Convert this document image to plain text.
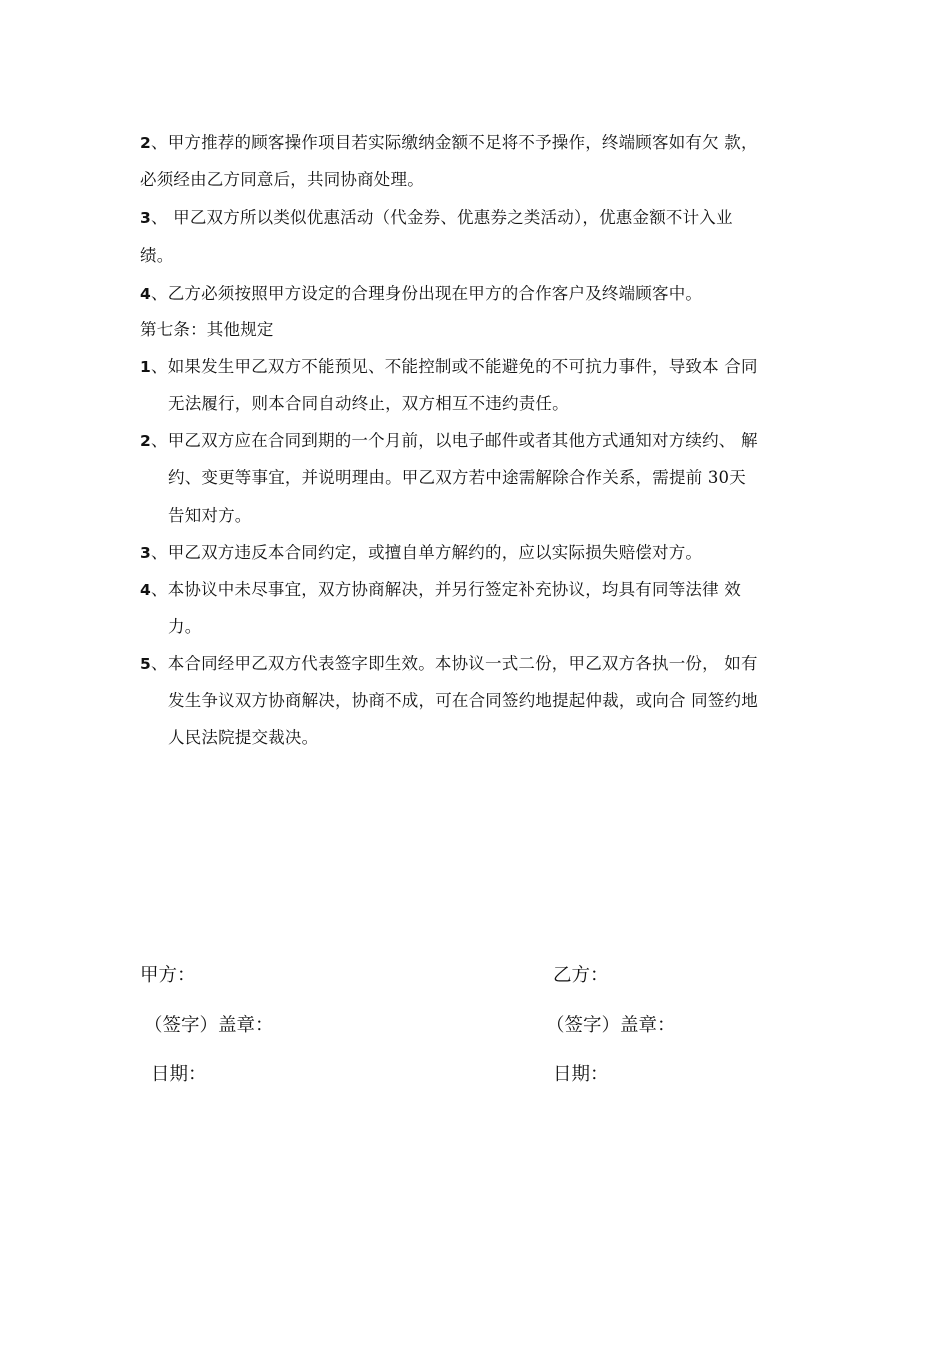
2、甲方推荐的顾客操作项目若实际缴纳金额不足将不予操作，终端顾客如有欠 款，
必须经由乙方同意后，共同协商处理。
3、 甲乙双方所以类似优惠活动（代金券、优惠券之类活动），优惠金额不计入业
绩。
4、乙方必须按照甲方设定的合理身份出现在甲方的合作客户及终端顾客中。
第七条：其他规定
1、如果发生甲乙双方不能预见、不能控制或不能避免的不可抗力事件，导致本 合同
无法履行，则本合同自动终止，双方相互不违约责任。
2、甲乙双方应在合同到期的一个月前，以电子邮件或者其他方式通知对方续约、 解
约、变更等事宜，并说明理由。甲乙双方若中途需解除合作关系，需提前 30天
告知对方。
3、甲乙双方违反本合同约定，或擅自单方解约的，应以实际损失赔偿对方。
4、本协议中未尽事宜，双方协商解决，并另行签定补充协议，均具有同等法律 效
力。
5、本合同经甲乙双方代表签字即生效。本协议一式二份，甲乙双方各执一份， 如有
发生争议双方协商解决，协商不成，可在合同签约地提起仲裁，或向合 同签约地
人民法院提交裁决。
甲方：
（签字）盖章：
日期：
乙方：
（签字）盖章：
日期：
